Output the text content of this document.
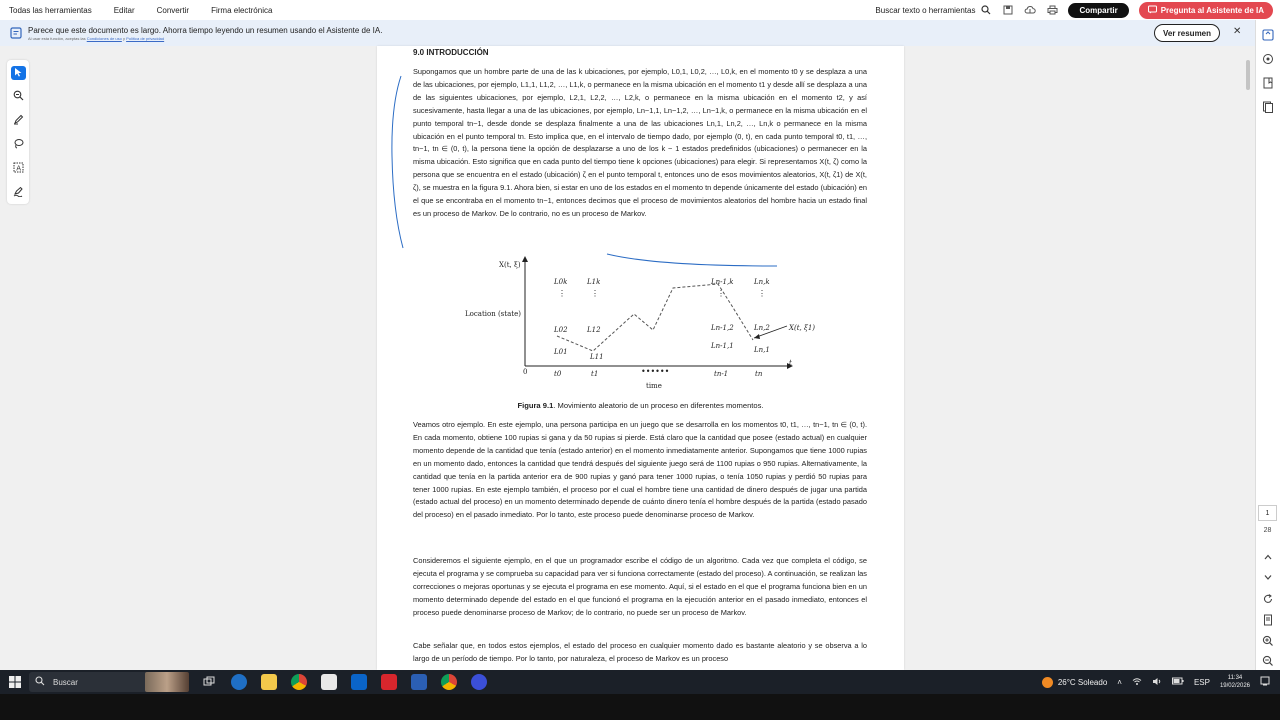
Todas las herramientas	Editar	Convertir	Firma electrónica	Buscar texto o herramientas	Compartir	Pregunta al Asistente de IA
Parece que este documento es largo. Ahorra tiempo leyendo un resumen usando el Asistente de IA.
Al usar esta función, aceptas las Condiciones de uso y Política de privacidad
Ver resumen	✕
A
9.0 INTRODUCCIÓN
Supongamos que un hombre parte de una de las k ubicaciones, por ejemplo, L0,1, L0,2, …, L0,k, en el momento t0 y se desplaza a una de las ubicaciones, por ejemplo, L1,1, L1,2, …, L1,k, o permanece en la misma ubicación en el momento t1 y desde allí se desplaza a una de las siguientes ubicaciones, por ejemplo, L2,1, L2,2, …, L2,k, o permanece en la misma ubicación en el momento t2, y así sucesivamente, hasta llegar a una de las ubicaciones, por ejemplo, Ln−1,1, Ln−1,2, …, Ln−1,k, o permanece en la misma ubicación en el punto temporal tn−1, desde donde se desplaza finalmente a una de las ubicaciones Ln,1, Ln,2, …, Ln,k o permanece en la misma ubicación en el punto temporal tn. Esto implica que, en el intervalo de tiempo dado, por ejemplo (0, t), en cada punto temporal t0, t1, …, tn−1, tn ∈ (0, t), la persona tiene la opción de desplazarse a uno de los k − 1 estados predefinidos (ubicaciones) o permanecer en la misma ubicación. Esto significa que en cada punto del tiempo tiene k opciones (ubicaciones) para elegir. Si representamos X(t, ζ) como la persona que se encuentra en el estado (ubicación) ζ en el punto temporal t, entonces uno de esos movimientos aleatorios, X(t, ζ1) de X(t, ζ), se muestra en la figura 9.1. Ahora bien, si estar en uno de los estados en el momento tn depende únicamente del estado (ubicación) en el que se encontraba en el momento tn−1, entonces decimos que el proceso de movimientos aleatorios del hombre hacia un estado final es un proceso de Markov. De lo contrario, no es un proceso de Markov.
X(t, ξ)
Location (state)
0
t
time
••••••
t0	t1	tn-1	tn
L0k
⋮
L02
L01
L1k
⋮
L12
L11
Ln-1,k
⋮
Ln-1,2
Ln-1,1
Ln,k
⋮
Ln,2
Ln,1
X(t, ξ1)
Figura 9.1. Movimiento aleatorio de un proceso en diferentes momentos.
Veamos otro ejemplo. En este ejemplo, una persona participa en un juego que se desarrolla en los momentos t0, t1, …, tn−1, tn ∈ (0, t). En cada momento, obtiene 100 rupias si gana y da 50 rupias si pierde. Está claro que la cantidad que posee (estado actual) en cualquier momento depende de la cantidad que tenía (estado anterior) en el momento inmediatamente anterior. Supongamos que tiene 1000 rupias en un momento dado, entonces la cantidad que tendrá después del siguiente juego será de 1100 rupias o 950 rupias. Alternativamente, la cantidad que tenía en la partida anterior era de 900 rupias y ganó para tener 1000 rupias, o tenía 1050 rupias y perdió 50 rupias para tener 1000 rupias. En este ejemplo también, el proceso por el cual el hombre tiene una cantidad de dinero después de jugar una partida (estado actual del proceso) en un momento determinado depende de cuánto dinero tenía el hombre después de la partida (estado pasado del proceso) en el pasado inmediato. Por lo tanto, este proceso puede denominarse proceso de Markov.
Consideremos el siguiente ejemplo, en el que un programador escribe el código de un algoritmo. Cada vez que completa el código, se ejecuta el programa y se comprueba su capacidad para ver si funciona correctamente (estado del proceso). A continuación, se realizan las correcciones o mejoras oportunas y se ejecuta el programa en ese momento. Aquí, si el estado en el que el programa funciona bien en un momento determinado depende del estado en el que funcionó el programa en la ejecución anterior en el pasado inmediato, entonces el proceso puede denominarse proceso de Markov; de lo contrario, no puede ser un proceso de Markov.
Cabe señalar que, en todos estos ejemplos, el estado del proceso en cualquier momento dado es bastante aleatorio y se observa a lo largo de un período de tiempo. Por lo tanto, por naturaleza, el proceso de Markov es un proceso
1
28
Buscar	26°C Soleado ˄	ESP	11:34
19/02/2026
